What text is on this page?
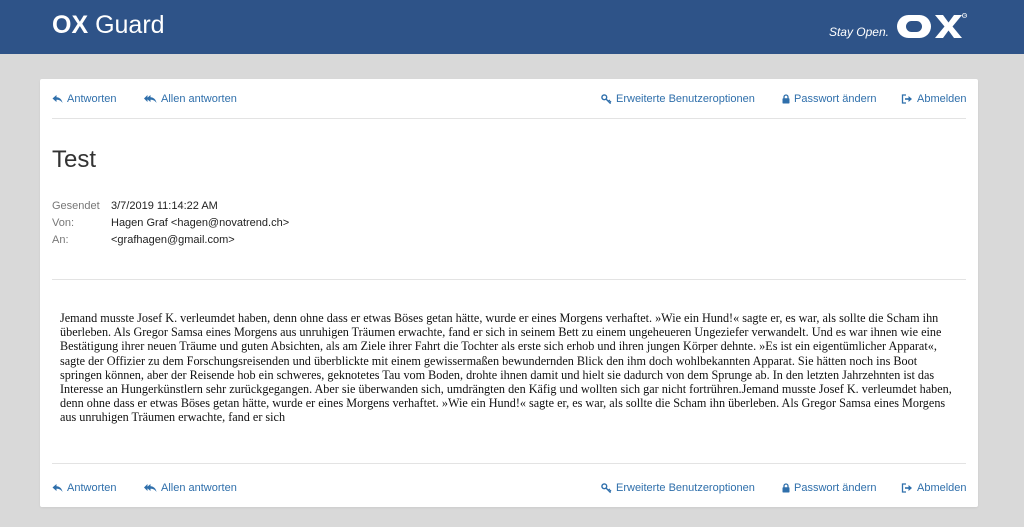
OX Guard	Stay Open.
OX
Antworten	Allen antworten	Erweiterte Benutzeroptionen	Passwort ändern	Abmelden
Test
Gesendet 3/7/2019 11:14:22 AM
Von:	Hagen Graf <hagen@novatrend.ch>
An:	<grafhagen@gmail.com>

Jemand musste Josef K. verleumdet haben, denn ohne dass er etwas Böses getan hätte, wurde er eines Morgens verhaftet. »Wie ein Hund!« sagte er, es war, als sollte die Scham ihn überleben. Als Gregor Samsa eines Morgens aus unruhigen Träumen erwachte, fand er sich in seinem Bett zu einem ungeheueren Ungeziefer verwandelt. Und es war ihnen wie eine Bestätigung ihrer neuen Träume und guten Absichten, als am Ziele ihrer Fahrt die Tochter als erste sich erhob und ihren jungen Körper dehnte. »Es ist ein eigentümlicher Apparat«, sagte der Offizier zu dem Forschungsreisenden und überblickte mit einem gewissermaßen bewundernden Blick den ihm doch wohlbekannten Apparat. Sie hätten noch ins Boot springen können, aber der Reisende hob ein schweres, geknotetes Tau vom Boden, drohte ihnen damit und hielt sie dadurch von dem Sprunge ab. In den letzten Jahrzehnten ist das Interesse an Hungerkünstlern sehr zurückgegangen. Aber sie überwanden sich, umdrängten den Käfig und wollten sich gar nicht fortrühren.Jemand musste Josef K. verleumdet haben, denn ohne dass er etwas Böses getan hätte, wurde er eines Morgens verhaftet. »Wie ein Hund!« sagte er, es war, als sollte die Scham ihn überleben. Als Gregor Samsa eines Morgens aus unruhigen Träumen erwachte, fand er sich

Antworten	Allen antworten	Erweiterte Benutzeroptionen	Passwort ändern	Abmelden
